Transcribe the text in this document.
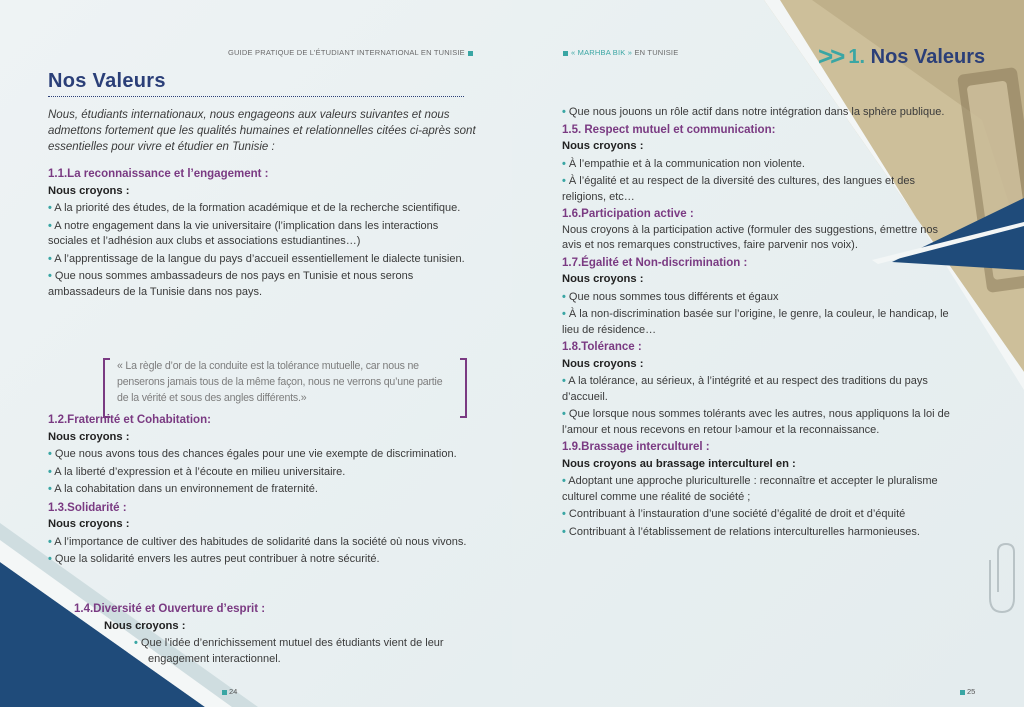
GUIDE PRATIQUE DE L’ÉTUDIANT INTERNATIONAL EN TUNISIE	« MARHBA BIK » EN TUNISIE	>> 1. Nos Valeurs
Nos Valeurs
Nous, étudiants internationaux, nous engageons aux valeurs suivantes et nous admettons fortement que les qualités humaines et relationnelles citées ci-après sont essentielles pour vivre et étudier en Tunisie :

1.1.La reconnaissance et l’engagement :

Nous croyons :

• A la priorité des études, de la formation académique et de la recherche scientifique.

• A notre engagement dans la vie universitaire (l’implication dans les interactions sociales et l’adhésion aux clubs et associations estudiantines…)

• A l’apprentissage de la langue du pays d’accueil essentiellement le dialecte tunisien.

• Que nous sommes ambassadeurs de nos pays en Tunisie et nous serons ambassadeurs de la Tunisie dans nos pays.

« La règle d’or de la conduite est la tolérance mutuelle, car nous ne penserons jamais tous de la même façon, nous ne verrons qu’une partie de la vérité et sous des angles différents.»

1.2.Fraternité et Cohabitation:

Nous croyons :

• Que nous avons tous des chances égales pour une vie exempte de discrimination.

• A la liberté d’expression et à l’écoute en milieu universitaire.

• A la cohabitation dans un environnement de fraternité.

1.3.Solidarité :

Nous croyons :

• A l’importance de cultiver des habitudes de solidarité dans la société où nous vivons.

• Que la solidarité envers les autres peut contribuer à notre sécurité.

1.4.Diversité et Ouverture d’esprit :

Nous croyons :

• Que l’idée d’enrichissement mutuel des étudiants vient de leur engagement interactionnel.

• Que nous jouons un rôle actif dans notre intégration dans la sphère publique.

1.5. Respect mutuel et communication:

Nous croyons :

• À l’empathie et à la communication non violente.

• À l’égalité et au respect de la diversité des cultures, des langues et des religions, etc…

1.6.Participation active :

Nous croyons à la participation active (formuler des suggestions, émettre nos avis et nos remarques constructives, faire parvenir nos voix).

1.7.Égalité et Non-discrimination :

Nous croyons :

• Que nous sommes tous différents et égaux

• À la non-discrimination basée sur l’origine, le genre, la couleur, le handicap, le lieu de résidence…

1.8.Tolérance :

Nous croyons :

• A la tolérance, au sérieux, à l’intégrité et au respect des traditions du pays d’accueil.

• Que lorsque nous sommes tolérants avec les autres, nous appliquons la loi de l’amour et nous recevons en retour l›amour et la reconnaissance.

1.9.Brassage interculturel :

Nous croyons au brassage interculturel en :

• Adoptant une approche pluriculturelle : reconnaître et accepter le pluralisme culturel comme une réalité de société ;

• Contribuant à l’instauration d’une société d’égalité de droit et d’équité

• Contribuant à l’établissement de relations interculturelles harmonieuses.

24	25
